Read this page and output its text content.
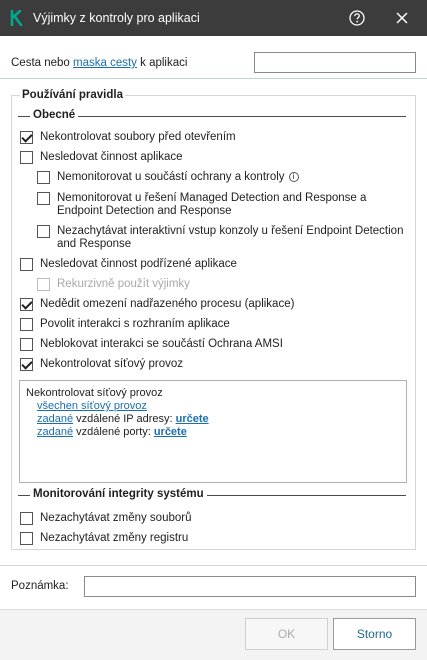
Výjimky z kontroly pro aplikaci
Cesta nebo maska cesty k aplikaci
Používání pravidla
Obecné
Nekontrolovat soubory před otevřením
Nesledovat činnost aplikace
Nemonitorovat u součástí ochrany a kontroly i
Nemonitorovat u řešení Managed Detection and Response a Endpoint Detection and Response
Nezachytávat interaktivní vstup konzoly u řešení Endpoint Detection and Response
Nesledovat činnost podřízené aplikace
Rekurzivně použít výjimky
Nedědit omezení nadřazeného procesu (aplikace)
Povolit interakci s rozhraním aplikace
Neblokovat interakci se součástí Ochrana AMSI
Nekontrolovat síťový provoz
Nekontrolovat síťový provoz
všechen síťový provoz
zadané vzdálené IP adresy: určete
zadané vzdálené porty: určete
Monitorování integrity systému
Nezachytávat změny souborů
Nezachytávat změny registru
Poznámka:
OK	Storno
